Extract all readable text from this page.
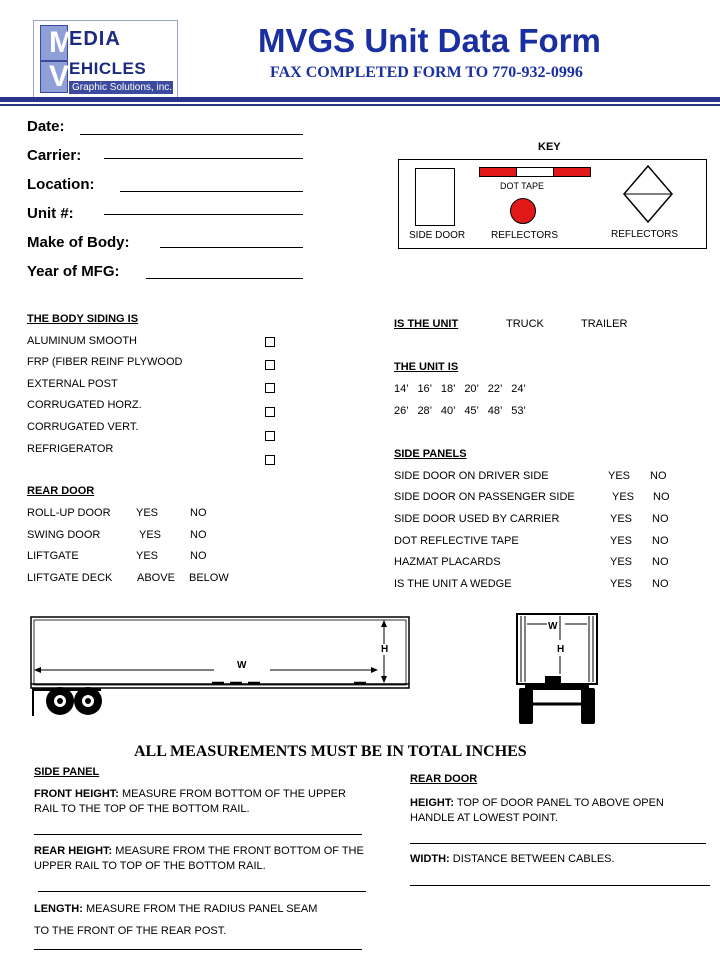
M
V
EDIA
EHICLES
Graphic Solutions, inc.
MVGS Unit Data Form
FAX COMPLETED FORM TO 770-932-0996
Date:
Carrier:
Location:
Unit #:
Make of Body:
Year of MFG:
KEY
SIDE DOOR
DOT TAPE
REFLECTORS	REFLECTORS
THE BODY SIDING IS
ALUMINUM SMOOTH
FRP (FIBER REINF PLYWOOD
EXTERNAL POST
CORRUGATED HORZ.
CORRUGATED VERT.
REFRIGERATOR
REAR DOOR
ROLL-UP DOOR YES	NO
SWING DOOR	YES	NO
LIFTGATE	YES	NO
LIFTGATE DECK ABOVE BELOW
IS THE UNIT	TRUCK	TRAILER
THE UNIT IS
14’   16’   18’   20’   22’   24’
26’   28’   40’   45’   48’   53’
SIDE PANELS
SIDE DOOR ON DRIVER SIDE	YES NO
SIDE DOOR ON PASSENGER SIDE	YES NO
SIDE DOOR USED BY CARRIER	YES NO
DOT REFLECTIVE TAPE	YES NO
HAZMAT PLACARDS	YES NO
IS THE UNIT A WEDGE	YES NO
W
H
W
H
ALL MEASUREMENTS MUST BE IN TOTAL INCHES
SIDE PANEL
FRONT HEIGHT: MEASURE FROM BOTTOM OF THE UPPER RAIL TO THE TOP OF THE BOTTOM RAIL.
REAR HEIGHT: MEASURE FROM THE FRONT BOTTOM OF THE UPPER RAIL TO TOP OF THE BOTTOM RAIL.
LENGTH: MEASURE FROM THE RADIUS PANEL SEAM
TO THE FRONT OF THE REAR POST.
REAR DOOR
HEIGHT: TOP OF DOOR PANEL TO ABOVE OPEN HANDLE AT LOWEST POINT.
WIDTH: DISTANCE BETWEEN CABLES.
